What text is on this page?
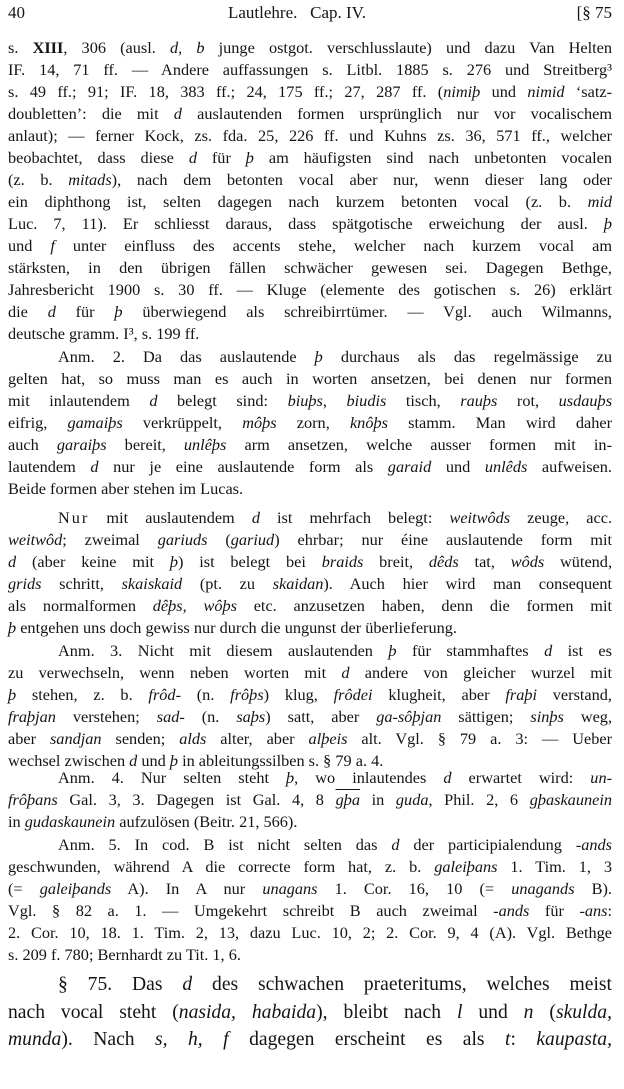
40	Lautlehre.   Cap. IV.	[§ 75
s. XIII, 306 (ausl. d, b junge ostgot. verschlusslaute) und dazu Van Helten
IF. 14, 71 ff. — Andere auffassungen s. Litbl. 1885 s. 276 und Streitberg³
s. 49 ff.; 91; IF. 18, 383 ff.; 24, 175 ff.; 27, 287 ff. (nimiþ und nimid ‘satz-
doubletten’: die mit d auslautenden formen ursprünglich nur vor vocalischem
anlaut); — ferner Kock, zs. fda. 25, 226 ff. und Kuhns zs. 36, 571 ff., welcher
beobachtet, dass diese d für þ am häufigsten sind nach unbetonten vocalen
(z. b. mitads), nach dem betonten vocal aber nur, wenn dieser lang oder
ein diphthong ist, selten dagegen nach kurzem betonten vocal (z. b. mid
Luc. 7, 11). Er schliesst daraus, dass spätgotische erweichung der ausl. þ
und f unter einfluss des accents stehe, welcher nach kurzem vocal am
stärksten, in den übrigen fällen schwächer gewesen sei. Dagegen Bethge,
Jahresbericht 1900 s. 30 ff. — Kluge (elemente des gotischen s. 26) erklärt
die d für þ überwiegend als schreibirrtümer. — Vgl. auch Wilmanns,
deutsche gramm. I³, s. 199 ff.
Anm. 2. Da das auslautende þ durchaus als das regelmässige zu
gelten hat, so muss man es auch in worten ansetzen, bei denen nur formen
mit inlautendem d belegt sind: biuþs, biudis tisch, rauþs rot, usdauþs
eifrig, gamaiþs verkrüppelt, môþs zorn, knôþs stamm. Man wird daher
auch garaiþs bereit, unlêþs arm ansetzen, welche ausser formen mit in-
lautendem d nur je eine auslautende form als garaid und unlêds aufweisen.
Beide formen aber stehen im Lucas.
Nur mit auslautendem d ist mehrfach belegt: weitwôds zeuge, acc.
weitwôd; zweimal gariuds (gariud) ehrbar; nur éine auslautende form mit
d (aber keine mit þ) ist belegt bei braids breit, dêds tat, wôds wütend,
grids schritt, skaiskaid (pt. zu skaidan). Auch hier wird man consequent
als normalformen dêþs, wôþs etc. anzusetzen haben, denn die formen mit
þ entgehen uns doch gewiss nur durch die ungunst der überlieferung.
Anm. 3. Nicht mit diesem auslautenden þ für stammhaftes d ist es
zu verwechseln, wenn neben worten mit d andere von gleicher wurzel mit
þ stehen, z. b. frôd- (n. frôþs) klug, frôdei klugheit, aber fraþi verstand,
fraþjan verstehen; sad- (n. saþs) satt, aber ga-sôþjan sättigen; sinþs weg,
aber sandjan senden; alds alter, aber alþeis alt. Vgl. § 79 a. 3: — Ueber
wechsel zwischen d und þ in ableitungssilben s. § 79 a. 4.
Anm. 4. Nur selten steht þ, wo inlautendes d erwartet wird: un-
frôþans Gal. 3, 3. Dagegen ist Gal. 4, 8 $\overline{gþa}$ in guda, Phil. 2, 6 gþaskaunein
in gudaskaunein aufzulösen (Beitr. 21, 566).
Anm. 5. In cod. B ist nicht selten das d der participialendung -ands
geschwunden, während A die correcte form hat, z. b. galeiþans 1. Tim. 1, 3
(= galeiþands A). In A nur unagans 1. Cor. 16, 10 (= unagands B).
Vgl. § 82 a. 1. — Umgekehrt schreibt B auch zweimal -ands für -ans:
2. Cor. 10, 18. 1. Tim. 2, 13, dazu Luc. 10, 2; 2. Cor. 9, 4 (A). Vgl. Bethge
s. 209 f. 780; Bernhardt zu Tit. 1, 6.
§ 75. Das d des schwachen praeteritums, welches meist
nach vocal steht (nasida, habaida), bleibt nach l und n (skulda,
munda). Nach s, h, f dagegen erscheint es als t: kaupasta,
